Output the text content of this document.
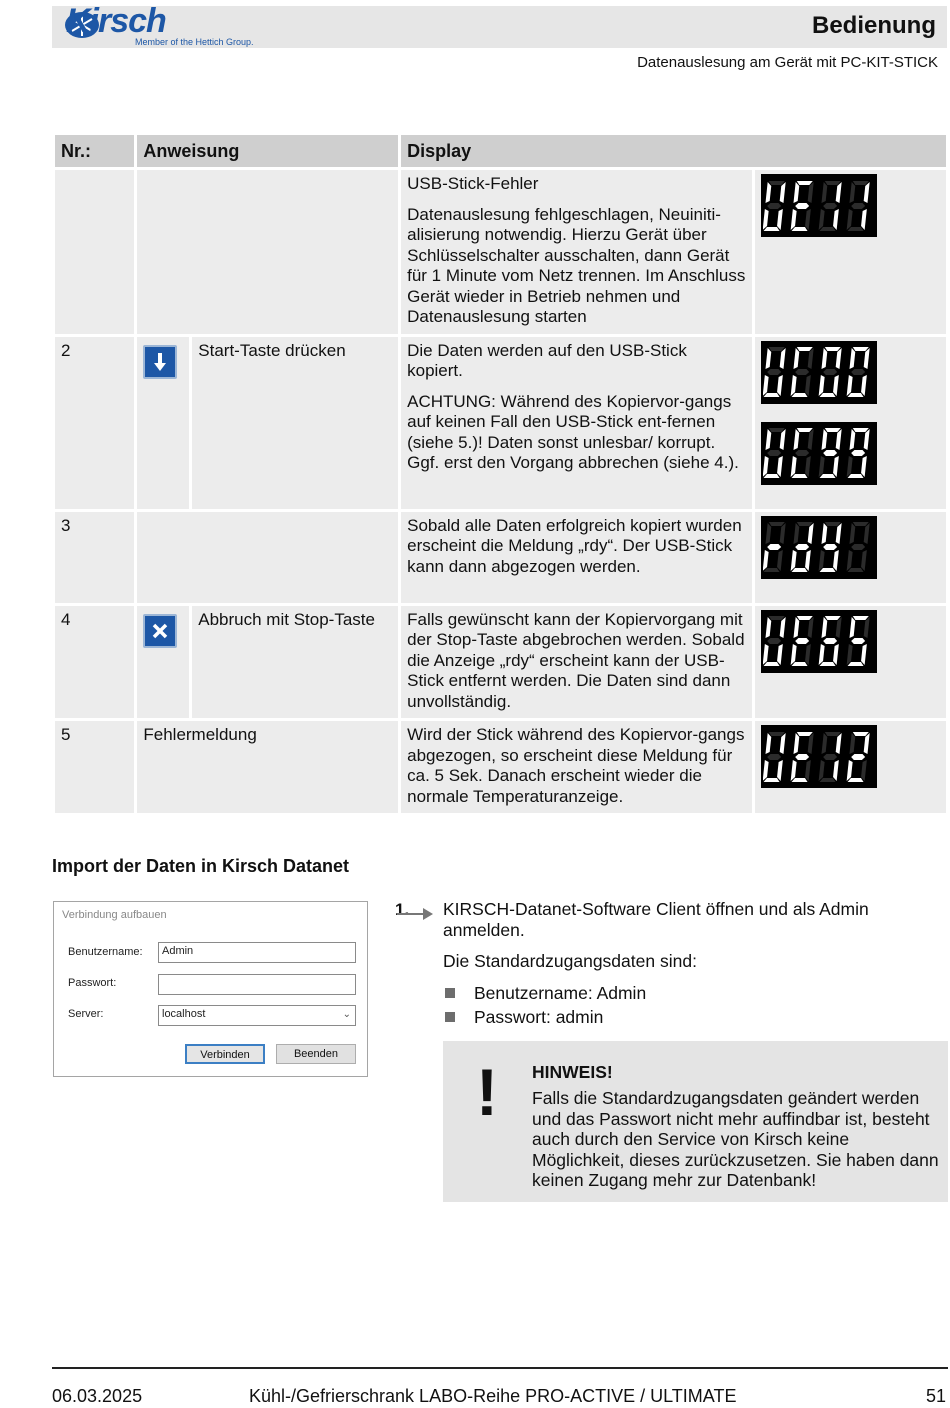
Kirsch
Member of the Hettich Group.
Bedienung
Datenauslesung am Gerät mit PC-KIT-STICK
Nr.:	Anweisung		Display	

			USB-Stick-Fehler
Datenauslesung fehlgeschlagen, Neuiniti-alisierung notwendig. Hierzu Gerät über Schlüsselschalter ausschalten, dann Gerät für 1 Minute vom Netz trennen. Im Anschluss Gerät wieder in Betrieb nehmen und Datenauslesung starten

2		Start-Taste drücken	Die Daten werden auf den USB-Stick kopiert.
ACHTUNG: Während des Kopiervor-gangs auf keinen Fall den USB-Stick ent-fernen (siehe 5.)! Daten sonst unlesbar/ korrupt. Ggf. erst den Vorgang abbrechen (siehe 4.).

3			Sobald alle Daten erfolgreich kopiert wurden erscheint die Meldung „rdy“. Der USB-Stick kann dann abgezogen werden.

4		Abbruch mit Stop-Taste	Falls gewünscht kann der Kopiervorgang mit der Stop-Taste abgebrochen werden. Sobald die Anzeige „rdy“ erscheint kann der USB-Stick entfernt werden. Die Daten sind dann unvollständig.

5	Fehlermeldung		Wird der Stick während des Kopiervor-gangs abgezogen, so erscheint diese Meldung für ca. 5 Sek. Danach erscheint wieder die normale Temperaturanzeige.

Import der Daten in Kirsch Datanet
Verbindung aufbauen
Benutzername:	Admin
Passwort:
Server:	localhost	⌄
Verbinden	Beenden
1. KIRSCH-Datanet-Software Client öffnen und als Admin anmelden.
Die Standardzugangsdaten sind:
Benutzername: Admin
Passwort: admin
! HINWEIS!
Falls die Standardzugangsdaten geändert werden und das Passwort nicht mehr auffindbar ist, besteht auch durch den Service von Kirsch keine Möglichkeit, dieses zurückzusetzen. Sie haben dann keinen Zugang mehr zur Datenbank!
06.03.2025	Kühl-/Gefrierschrank LABO-Reihe PRO-ACTIVE / ULTIMATE	51
